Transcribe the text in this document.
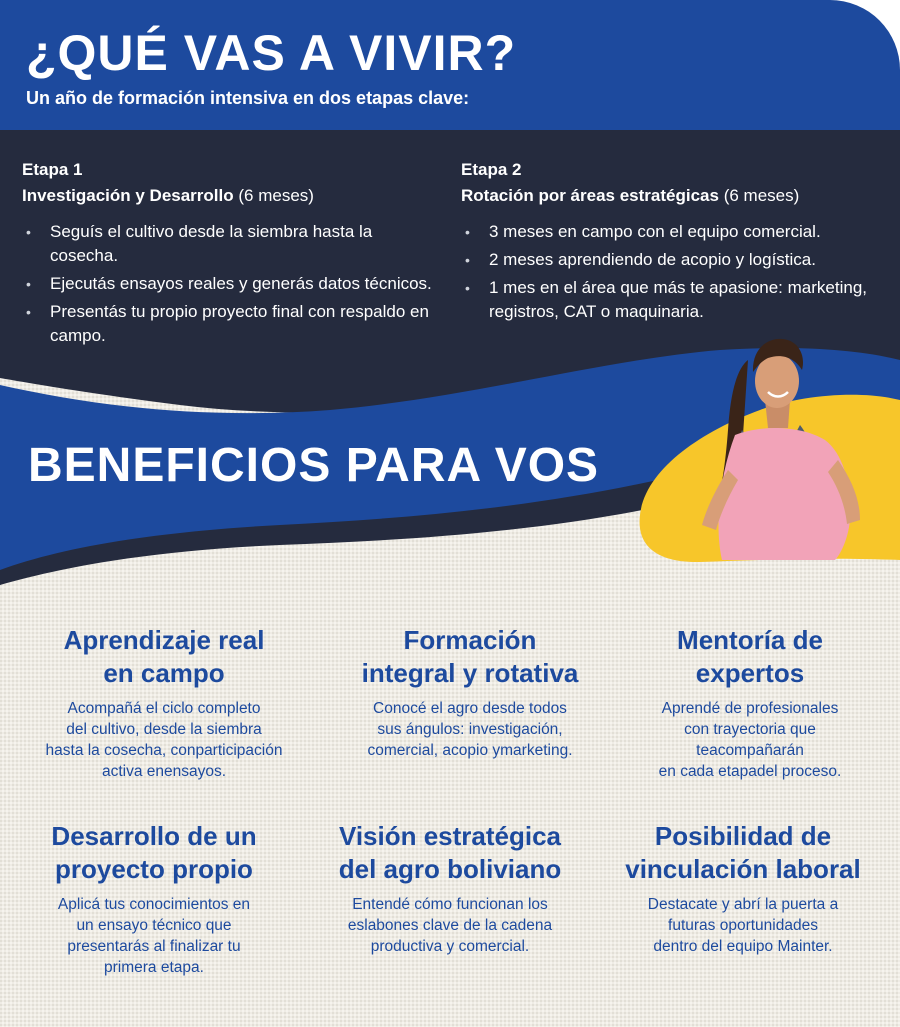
¿QUÉ VAS A VIVIR?

Un año de formación intensiva en dos etapas clave:

Etapa 1
Investigación y Desarrollo (6 meses)
• Seguís el cultivo desde la siembra hasta la cosecha.
• Ejecutás ensayos reales y generás datos técnicos.
• Presentás tu propio proyecto final con respaldo en campo.
Etapa 2
Rotación por áreas estratégicas (6 meses)
• 3 meses en campo con el equipo comercial.
• 2 meses aprendiendo de acopio y logística.
• 1 mes en el área que más te apasione: marketing, registros, CAT o maquinaria.
BENEFICIOS PARA VOS
Aprendizaje real
en campo

Acompañá el ciclo completo
del cultivo, desde la siembra
hasta la cosecha, conparticipación
activa enensayos.

Formación
integral y rotativa

Conocé el agro desde todos
sus ángulos: investigación,
comercial, acopio ymarketing.

Mentoría de
expertos

Aprendé de profesionales
con trayectoria que
teacompañarán
en cada etapadel proceso.

Desarrollo de un
proyecto propio

Aplicá tus conocimientos en
un ensayo técnico que
presentarás al finalizar tu
primera etapa.

Visión estratégica
del agro boliviano

Entendé cómo funcionan los
eslabones clave de la cadena
productiva y comercial.

Posibilidad de
vinculación laboral

Destacate y abrí la puerta a
futuras oportunidades
dentro del equipo Mainter.
